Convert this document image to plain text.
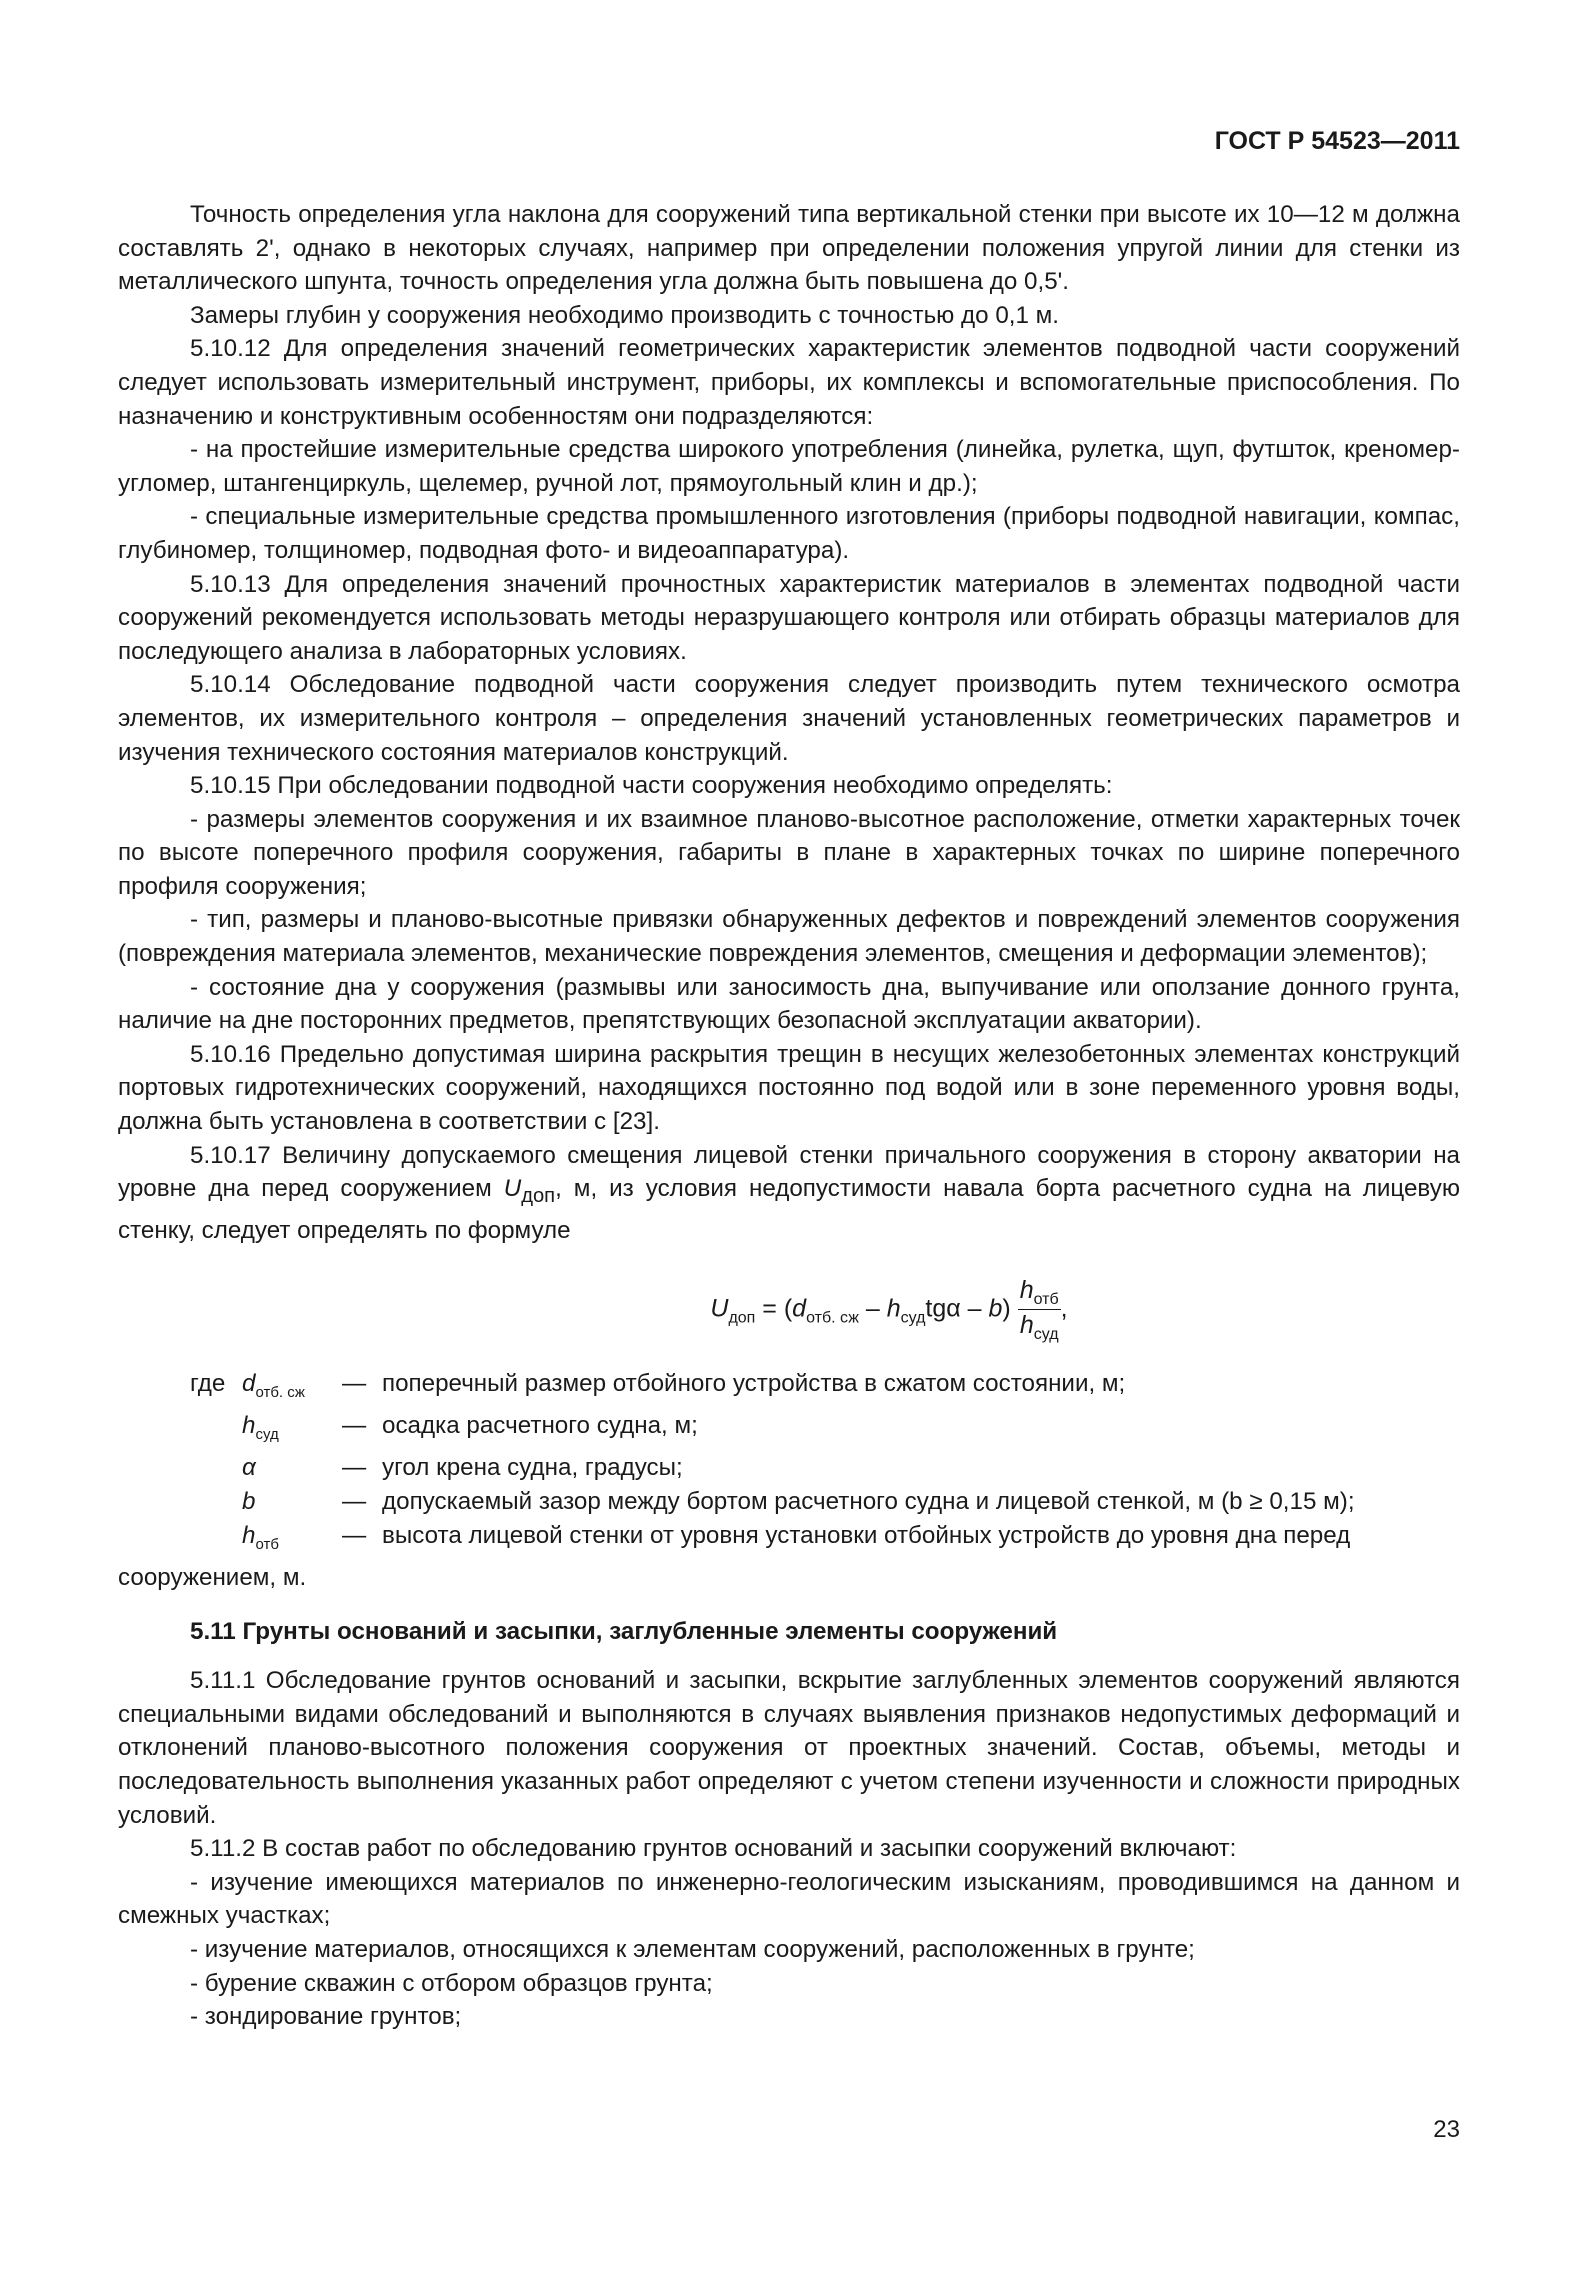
ГОСТ Р 54523—2011

Точность определения угла наклона для сооружений типа вертикальной стенки при высоте их 10—12 м должна составлять 2', однако в некоторых случаях, например при определении положения упругой линии для стенки из металлического шпунта, точность определения угла должна быть повышена до 0,5'.

Замеры глубин у сооружения необходимо производить с точностью до 0,1 м.

5.10.12 Для определения значений геометрических характеристик элементов подводной части сооружений следует использовать измерительный инструмент, приборы, их комплексы и вспомогательные приспособления. По назначению и конструктивным особенностям они подразделяются:

- на простейшие измерительные средства широкого употребления (линейка, рулетка, щуп, футшток, креномер-угломер, штангенциркуль, щелемер, ручной лот, прямоугольный клин и др.);

- специальные измерительные средства промышленного изготовления (приборы подводной навигации, компас, глубиномер, толщиномер, подводная фото- и видеоаппаратура).

5.10.13 Для определения значений прочностных характеристик материалов в элементах подводной части сооружений рекомендуется использовать методы неразрушающего контроля или отбирать образцы материалов для последующего анализа в лабораторных условиях.

5.10.14 Обследование подводной части сооружения следует производить путем технического осмотра элементов, их измерительного контроля – определения значений установленных геометрических параметров и изучения технического состояния материалов конструкций.

5.10.15 При обследовании подводной части сооружения необходимо определять:

- размеры элементов сооружения и их взаимное планово-высотное расположение, отметки характерных точек по высоте поперечного профиля сооружения, габариты в плане в характерных точках по ширине поперечного профиля сооружения;

- тип, размеры и планово-высотные привязки обнаруженных дефектов и повреждений элементов сооружения (повреждения материала элементов, механические повреждения элементов, смещения и деформации элементов);

- состояние дна у сооружения (размывы или заносимость дна, выпучивание или оползание донного грунта, наличие на дне посторонних предметов, препятствующих безопасной эксплуатации акватории).

5.10.16 Предельно допустимая ширина раскрытия трещин в несущих железобетонных элементах конструкций портовых гидротехнических сооружений, находящихся постоянно под водой или в зоне переменного уровня воды, должна быть установлена в соответствии с [23].

5.10.17 Величину допускаемого смещения лицевой стенки причального сооружения в сторону акватории на уровне дна перед сооружением $U_{доп}$, м, из условия недопустимости навала борта расчетного судна на лицевую стенку, следует определять по формуле

$U_{доп} = (d_{отб. сж} - h_{суд}tg\alpha - b) \frac{h_{отб}}{h_{суд}}$ ,
где	$d_{отб. сж}$	—	поперечный размер отбойного устройства в сжатом состоянии, м;
	$h_{суд}$	—	осадка расчетного судна, м;
	α	—	угол крена судна, градусы;
	b	—	допускаемый зазор между бортом расчетного судна и лицевой стенкой, м (b ≥ 0,15 м);
	$h_{отб}$	—	высота лицевой стенки от уровня установки отбойных устройств до уровня дна перед

сооружением, м.

5.11 Грунты оснований и засыпки, заглубленные элементы сооружений

5.11.1 Обследование грунтов оснований и засыпки, вскрытие заглубленных элементов сооружений являются специальными видами обследований и выполняются в случаях выявления признаков недопустимых деформаций и отклонений планово-высотного положения сооружения от проектных значений. Состав, объемы, методы и последовательность выполнения указанных работ определяют с учетом степени изученности и сложности природных условий.

5.11.2 В состав работ по обследованию грунтов оснований и засыпки сооружений включают:

- изучение имеющихся материалов по инженерно-геологическим изысканиям, проводившимся на данном и смежных участках;

- изучение материалов, относящихся к элементам сооружений, расположенных в грунте;

- бурение скважин с отбором образцов грунта;

- зондирование грунтов;

23
